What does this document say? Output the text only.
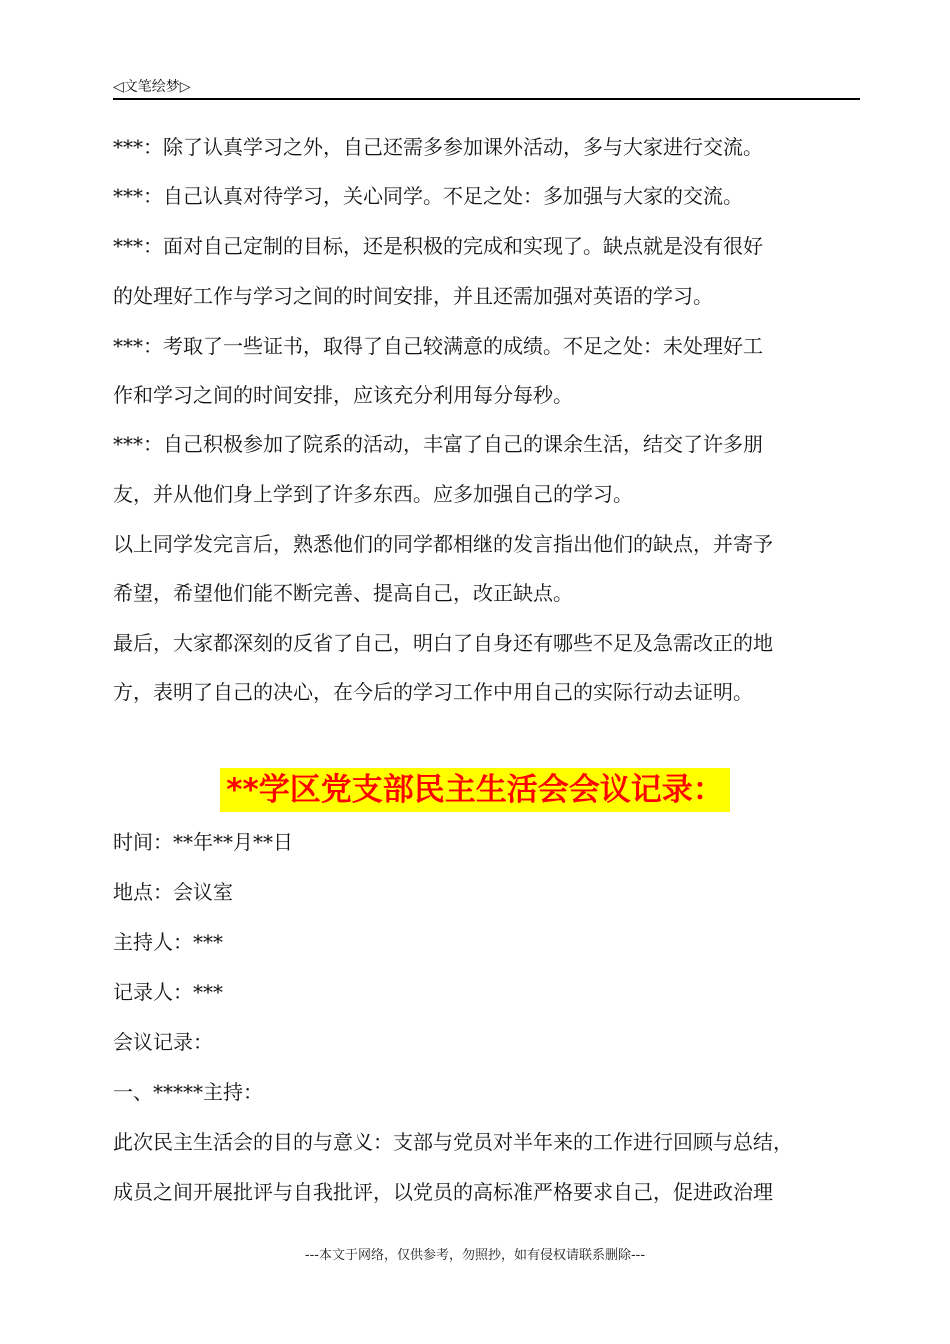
◁文笔绘梦▷

***：除了认真学习之外，自己还需多参加课外活动，多与大家进行交流。

***：自己认真对待学习，关心同学。不足之处：多加强与大家的交流。

***：面对自己定制的目标，还是积极的完成和实现了。缺点就是没有很好

的处理好工作与学习之间的时间安排，并且还需加强对英语的学习。

***：考取了一些证书，取得了自己较满意的成绩。不足之处：未处理好工

作和学习之间的时间安排，应该充分利用每分每秒。

***：自己积极参加了院系的活动，丰富了自己的课余生活，结交了许多朋

友，并从他们身上学到了许多东西。应多加强自己的学习。

以上同学发完言后，熟悉他们的同学都相继的发言指出他们的缺点，并寄予

希望，希望他们能不断完善、提高自己，改正缺点。

最后，大家都深刻的反省了自己，明白了自身还有哪些不足及急需改正的地

方，表明了自己的决心，在今后的学习工作中用自己的实际行动去证明。

**学区党支部民主生活会会议记录：

时间：**年**月**日

地点：会议室

主持人：***

记录人：***

会议记录：

一、*****主持：

此次民主生活会的目的与意义：支部与党员对半年来的工作进行回顾与总结，

成员之间开展批评与自我批评，以党员的高标准严格要求自己，促进政治理

---本文于网络，仅供参考，勿照抄，如有侵权请联系删除---
